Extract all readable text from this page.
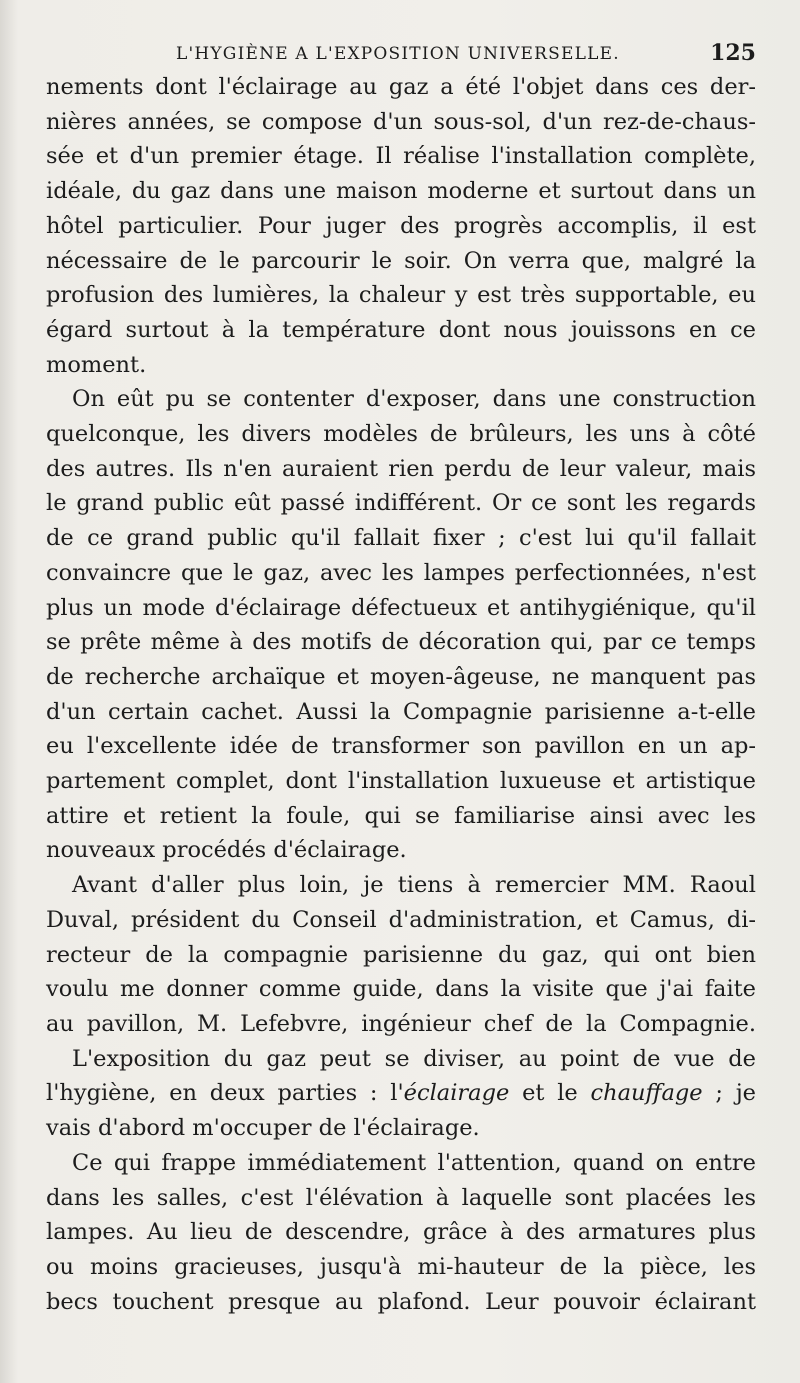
L'HYGIÈNE A L'EXPOSITION UNIVERSELLE.	125
nements dont l'éclairage au gaz a été l'objet dans ces der-
nières années, se compose d'un sous-sol, d'un rez-de-chaus-
sée et d'un premier étage. Il réalise l'installation complète,
idéale, du gaz dans une maison moderne et surtout dans un
hôtel particulier. Pour juger des progrès accomplis, il est
nécessaire de le parcourir le soir. On verra que, malgré la
profusion des lumières, la chaleur y est très supportable, eu
égard surtout à la température dont nous jouissons en ce
moment.
On eût pu se contenter d'exposer, dans une construction
quelconque, les divers modèles de brûleurs, les uns à côté
des autres. Ils n'en auraient rien perdu de leur valeur, mais
le grand public eût passé indifférent. Or ce sont les regards
de ce grand public qu'il fallait fixer ; c'est lui qu'il fallait
convaincre que le gaz, avec les lampes perfectionnées, n'est
plus un mode d'éclairage défectueux et antihygiénique, qu'il
se prête même à des motifs de décoration qui, par ce temps
de recherche archaïque et moyen-âgeuse, ne manquent pas
d'un certain cachet. Aussi la Compagnie parisienne a-t-elle
eu l'excellente idée de transformer son pavillon en un ap-
partement complet, dont l'installation luxueuse et artistique
attire et retient la foule, qui se familiarise ainsi avec les
nouveaux procédés d'éclairage.
Avant d'aller plus loin, je tiens à remercier MM. Raoul
Duval, président du Conseil d'administration, et Camus, di-
recteur de la compagnie parisienne du gaz, qui ont bien
voulu me donner comme guide, dans la visite que j'ai faite
au pavillon, M. Lefebvre, ingénieur chef de la Compagnie.
L'exposition du gaz peut se diviser, au point de vue de
l'hygiène, en deux parties : l'éclairage et le chauffage ; je
vais d'abord m'occuper de l'éclairage.
Ce qui frappe immédiatement l'attention, quand on entre
dans les salles, c'est l'élévation à laquelle sont placées les
lampes. Au lieu de descendre, grâce à des armatures plus
ou moins gracieuses, jusqu'à mi-hauteur de la pièce, les
becs touchent presque au plafond. Leur pouvoir éclairant
